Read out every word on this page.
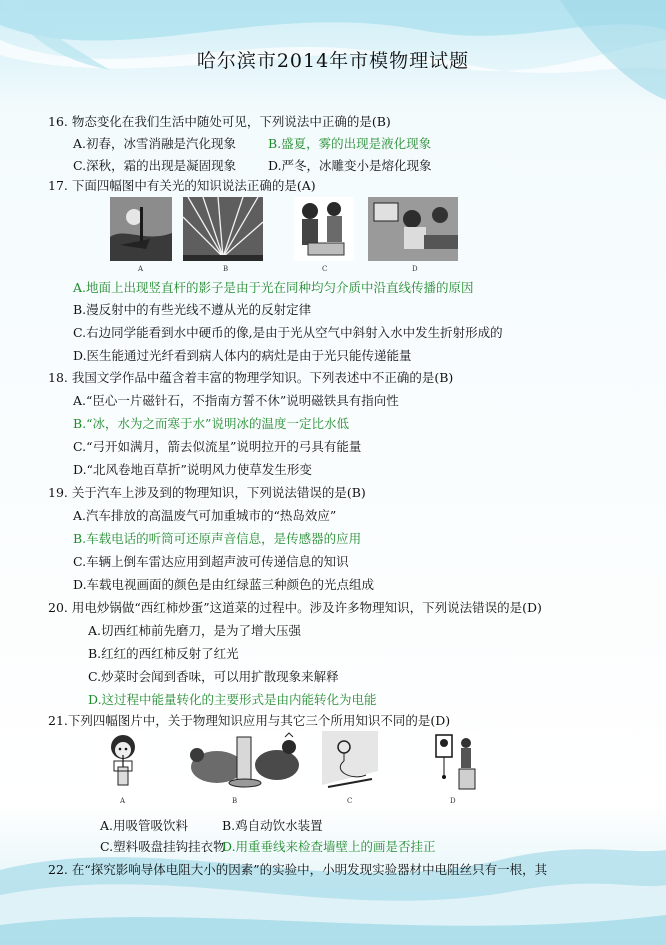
哈尔滨市2014年市模物理试题
16. 物态变化在我们生活中随处可见，下列说法中正确的是(B)
A.初春，冰雪消融是汽化现象	B.盛夏，雾的出现是液化现象
C.深秋，霜的出现是凝固现象	D.严冬，冰雕变小是熔化现象
17. 下面四幅图中有关光的知识说法正确的是(A)
A	B	C	D
A.地面上出现竖直杆的影子是由于光在同种均匀介质中沿直线传播的原因
B.漫反射中的有些光线不遵从光的反射定律
C.右边同学能看到水中硬币的像,是由于光从空气中斜射入水中发生折射形成的
D.医生能通过光纤看到病人体内的病灶是由于光只能传递能量
18. 我国文学作品中蕴含着丰富的物理学知识。下列表述中不正确的是(B)
A.“臣心一片磁针石，不指南方誓不休”说明磁铁具有指向性
B.“冰，水为之而寒于水”说明冰的温度一定比水低
C.“弓开如满月，箭去似流星”说明拉开的弓具有能量
D.“北风卷地百草折”说明风力使草发生形变
19. 关于汽车上涉及到的物理知识，下列说法错误的是(B)
A.汽车排放的高温废气可加重城市的“热岛效应”
B.车载电话的听筒可还原声音信息，是传感器的应用
C.车辆上倒车雷达应用到超声波可传递信息的知识
D.车载电视画面的颜色是由红绿蓝三种颜色的光点组成
20. 用电炒锅做“西红柿炒蛋”这道菜的过程中。涉及许多物理知识，下列说法错误的是(D)
A.切西红柿前先磨刀，是为了增大压强
B.红红的西红柿反射了红光
C.炒菜时会闻到香味，可以用扩散现象来解释
D.这过程中能量转化的主要形式是由内能转化为电能
21.下列四幅图片中，关于物理知识应用与其它三个所用知识不同的是(D)
A	B	C	D
A.用吸管吸饮料	B.鸡自动饮水装置
C.塑料吸盘挂钩挂衣物
D.用重垂线来检查墙壁上的画是否挂正
22. 在“探究影响导体电阻大小的因素”的实验中，小明发现实验器材中电阻丝只有一根，其
